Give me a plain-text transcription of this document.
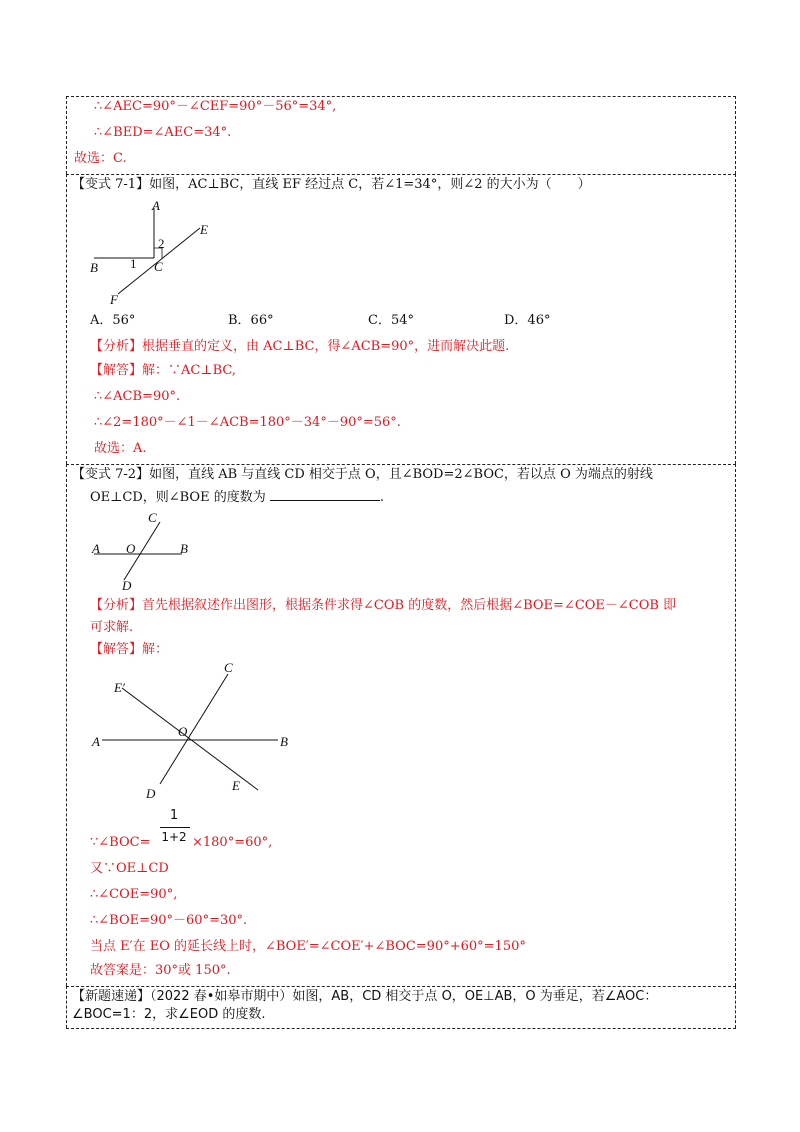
∴∠AEC=90°－∠CEF=90°－56°=34°,
∴∠BED=∠AEC=34°.
故选：C.
【变式 7-1】如图，AC⊥BC，直线 EF 经过点 C，若∠1=34°，则∠2 的大小为（　　）
A
E
2
B 1 C
F
A．56°	B．66°	C．54°	D．46°
【分析】根据垂直的定义，由 AC⊥BC，得∠ACB=90°，进而解决此题.
【解答】解：∵AC⊥BC,
∴∠ACB=90°.
∴∠2=180°－∠1－∠ACB=180°－34°－90°=56°.
故选：A.
【变式 7-2】如图，直线 AB 与直线 CD 相交于点 O，且∠BOD=2∠BOC，若以点 O 为端点的射线
OE⊥CD，则∠BOE 的度数为	.
C
A O	B
D
【分析】首先根据叙述作出图形，根据条件求得∠COB 的度数，然后根据∠BOE=∠COE－∠COB 即
可求解.
【解答】解：
E′
C
A
O
B
D
E
∵∠BOC=
1
1+2 ×180°=60°,
又∵OE⊥CD
∴∠COE=90°,
∴∠BOE=90°－60°=30°.
当点 E′在 EO 的延长线上时，∠BOE′=∠COE′+∠BOC=90°+60°=150°
故答案是：30°或 150°.
【新题速递】（2022 春•如皋市期中）如图，AB，CD 相交于点 O，OE⊥AB，O 为垂足，若∠AOC：
∠BOC=1：2，求∠EOD 的度数.
